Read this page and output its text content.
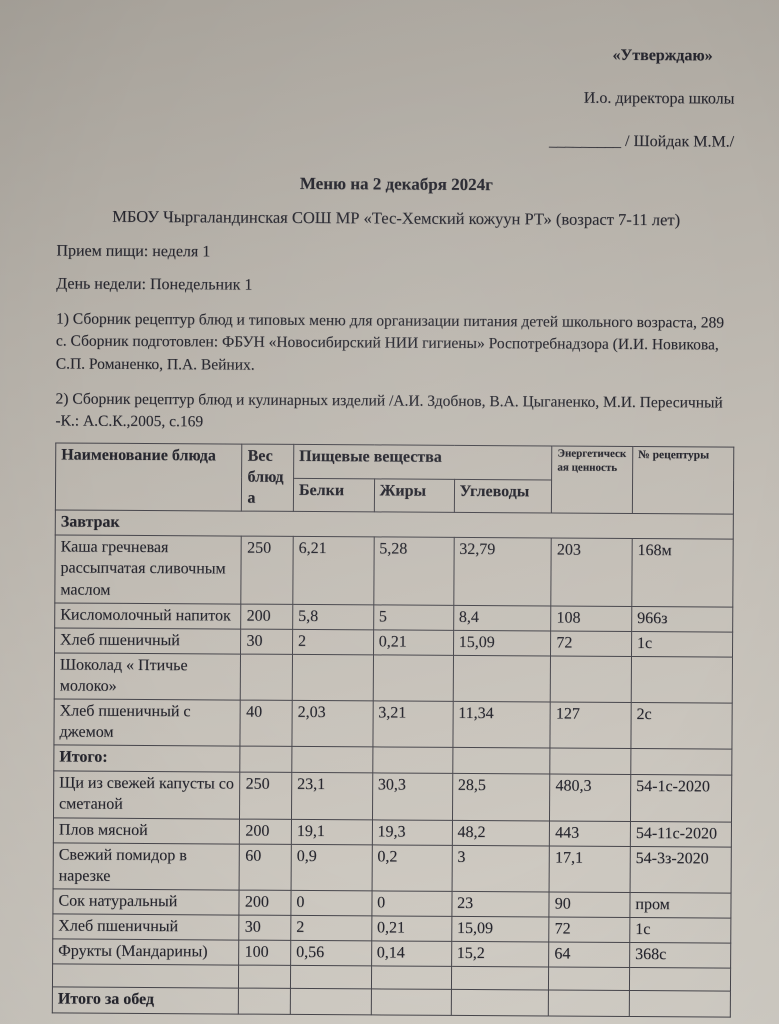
«Утверждаю»
И.о. директора школы
_________ / Шойдак М.М./
Меню на 2 декабря 2024г
МБОУ Чыргаландинская СОШ МР «Тес-Хемский кожуун РТ» (возраст 7-11 лет)
Прием пищи: неделя 1
День недели: Понедельник 1

1) Сборник рецептур блюд и типовых меню для организации питания детей школьного возраста, 289 с. Сборник подготовлен: ФБУН «Новосибирский НИИ гигиены» Роспотребнадзора (И.И. Новикова, С.П. Романенко, П.А. Вейних.

2) Сборник рецептур блюд и кулинарных изделий /А.И. Здобнов, В.А. Цыганенко, М.И. Пересичный -К.: А.С.К.,2005, с.169

Наименование блюда	Вес блюда	Пищевые вещества			Энергетическая ценность	№ рецептуры
		Белки	Жиры	Углеводы		
Завтрак						
Каша гречневая рассыпчатая сливочным маслом	250	6,21	5,28	32,79	203	168м
Кисломолочный напиток	200	5,8	5	8,4	108	966з
Хлеб пшеничный	30	2	0,21	15,09	72	1с
Шоколад « Птичье молоко»						
Хлеб пшеничный с джемом	40	2,03	3,21	11,34	127	2с
Итого:						
Щи из свежей капусты со сметаной	250	23,1	30,3	28,5	480,3	54-1с-2020
Плов мясной	200	19,1	19,3	48,2	443	54-11с-2020
Свежий помидор в нарезке	60	0,9	0,2	3	17,1	54-3з-2020
Сок натуральный	200	0	0	23	90	пром
Хлеб пшеничный	30	2	0,21	15,09	72	1с
Фрукты (Мандарины)	100	0,56	0,14	15,2	64	368с

Итого за обед						
